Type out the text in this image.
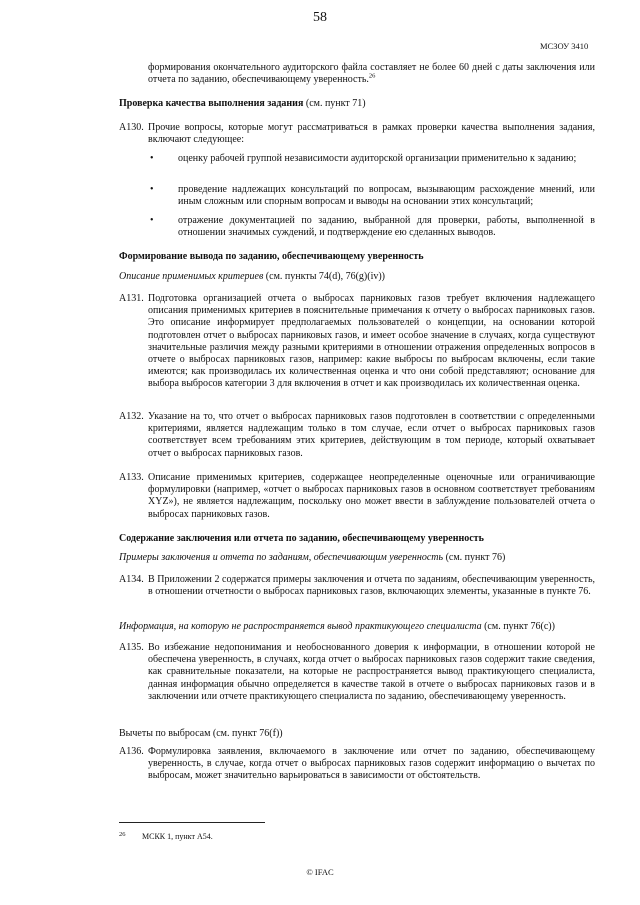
58
МСЗОУ 3410
формирования окончательного аудиторского файла составляет не более 60 дней с даты заключения или отчета по заданию, обеспечивающему уверенность.$^{26}$
Проверка качества выполнения задания (см. пункт 71)
A130. Прочие вопросы, которые могут рассматриваться в рамках проверки качества выполнения задания, включают следующее:
• оценку рабочей группой независимости аудиторской организации применительно к заданию;
• проведение надлежащих консультаций по вопросам, вызывающим расхождение мнений, или иным сложным или спорным вопросам и выводы на основании этих консультаций;
• отражение документацией по заданию, выбранной для проверки, работы, выполненной в отношении значимых суждений, и подтверждение ею сделанных выводов.
Формирование вывода по заданию, обеспечивающему уверенность
Описание применимых критериев (см. пункты 74(d), 76(g)(iv))
A131. Подготовка организацией отчета о выбросах парниковых газов требует включения надлежащего описания применимых критериев в пояснительные примечания к отчету о выбросах парниковых газов. Это описание информирует предполагаемых пользователей о концепции, на основании которой подготовлен отчет о выбросах парниковых газов, и имеет особое значение в случаях, когда существуют значительные различия между разными критериями в отношении отражения определенных вопросов в отчете о выбросах парниковых газов, например: какие выбросы по выбросам включены, если такие имеются; как производилась их количественная оценка и что они собой представляют; основание для выбора выбросов категории 3 для включения в отчет и как производилась их количественная оценка.
A132. Указание на то, что отчет о выбросах парниковых газов подготовлен в соответствии с определенными критериями, является надлежащим только в том случае, если отчет о выбросах парниковых газов соответствует всем требованиям этих критериев, действующим в том периоде, который охватывает отчет о выбросах парниковых газов.
A133. Описание применимых критериев, содержащее неопределенные оценочные или ограничивающие формулировки (например, «отчет о выбросах парниковых газов в основном соответствует требованиям XYZ»), не является надлежащим, поскольку оно может ввести в заблуждение пользователей отчета о выбросах парниковых газов.
Содержание заключения или отчета по заданию, обеспечивающему уверенность
Примеры заключения и отчета по заданиям, обеспечивающим уверенность (см. пункт 76)
A134. В Приложении 2 содержатся примеры заключения и отчета по заданиям, обеспечивающим уверенность, в отношении отчетности о выбросах парниковых газов, включающих элементы, указанные в пункте 76.
Информация, на которую не распространяется вывод практикующего специалиста (см. пункт 76(c))
A135. Во избежание недопонимания и необоснованного доверия к информации, в отношении которой не обеспечена уверенность, в случаях, когда отчет о выбросах парниковых газов содержит такие сведения, как сравнительные показатели, на которые не распространяется вывод практикующего специалиста, данная информация обычно определяется в качестве такой в отчете о выбросах парниковых газов и в заключении или отчете практикующего специалиста по заданию, обеспечивающему уверенность.
Вычеты по выбросам (см. пункт 76(f))
A136. Формулировка заявления, включаемого в заключение или отчет по заданию, обеспечивающему уверенность, в случае, когда отчет о выбросах парниковых газов содержит информацию о вычетах по выбросам, может значительно варьироваться в зависимости от обстоятельств.
26 МСКК 1, пункт A54.
© IFAC
